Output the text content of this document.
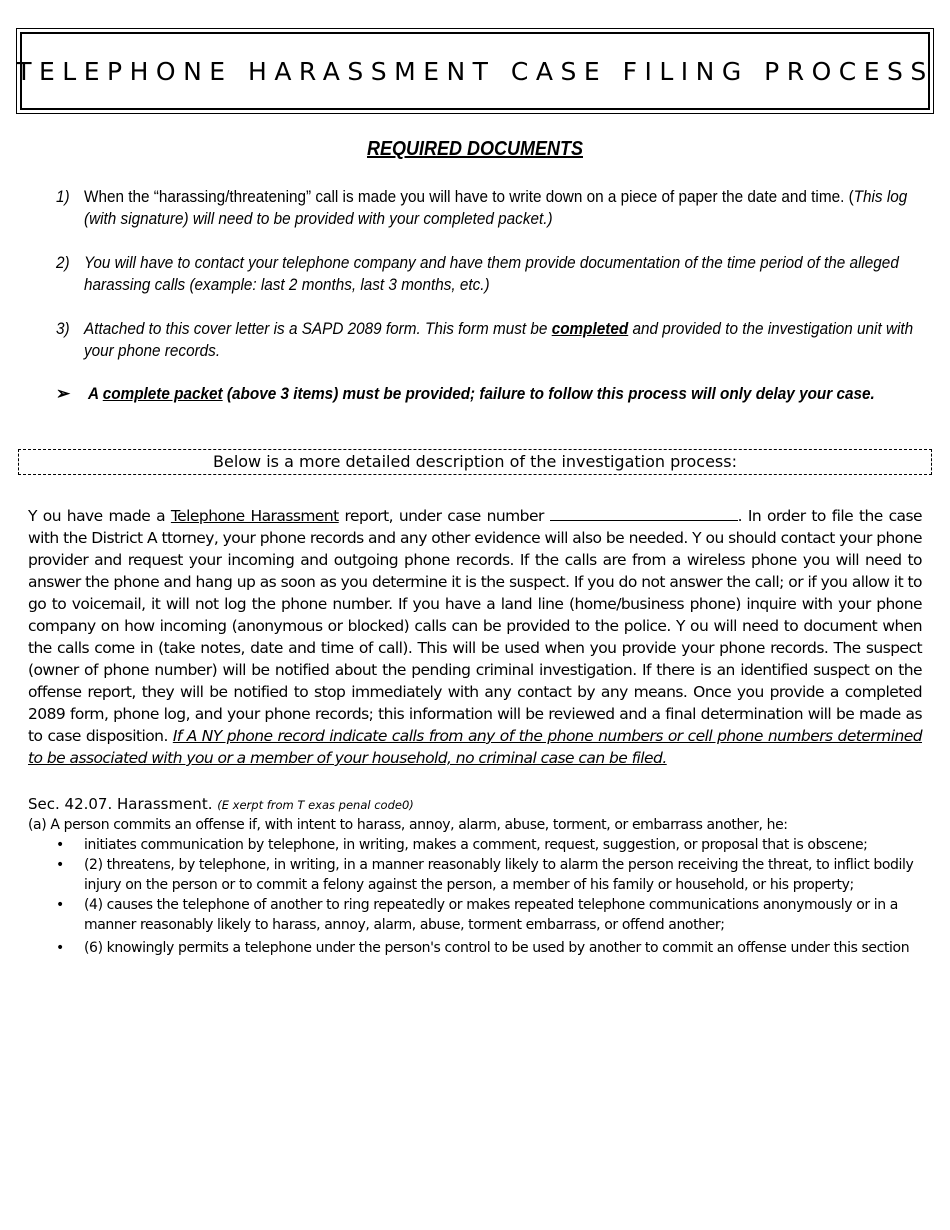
TELEPHONE HARASSMENT CASE FILING PROCESS
REQUIRED DOCUMENTS
1) When the “harassing/threatening” call is made you will have to write down on a piece of paper the date and time. (This log
(with signature) will need to be provided with your completed packet.)
2) You will have to contact your telephone company and have them provide documentation of the time period of the alleged
harassing calls (example: last 2 months, last 3 months, etc.)
3) Attached to this cover letter is a SAPD 2089 form. This form must be completed and provided to the investigation unit with
your phone records.
➢ A complete packet (above 3 items) must be provided; failure to follow this process will only delay your case.
Below is a more detailed description of the investigation process:
Y ou have made a Telephone Harassment report, under case number	. In order to file the case with the District A ttorney, your phone records and any other evidence will also be needed. Y ou should contact your phone provider and request your incoming and outgoing phone records. If the calls are from a wireless phone you will need to answer the phone and hang up as soon as you determine it is the suspect. If you do not answer the call; or if you allow it to go to voicemail, it will not log the phone number. If you have a land line (home/business phone) inquire with your phone company on how incoming (anonymous or blocked) calls can be provided to the police. Y ou will need to document when the calls come in (take notes, date and time of call). This will be used when you provide your phone records. The suspect (owner of phone number) will be notified about the pending criminal investigation. If there is an identified suspect on the offense report, they will be notified to stop immediately with any contact by any means. Once you provide a completed 2089 form, phone log, and your phone records; this information will be reviewed and a final determination will be made as to case disposition. If A NY phone record indicate calls from any of the phone numbers or cell phone numbers determined to be associated with you or a member of your household, no criminal case can be filed.
Sec. 42.07. Harassment. (E xerpt from T exas penal code0)
(a) A person commits an offense if, with intent to harass, annoy, alarm, abuse, torment, or embarrass another, he:
• initiates communication by telephone, in writing, makes a comment, request, suggestion, or proposal that is obscene;
• (2) threatens, by telephone, in writing, in a manner reasonably likely to alarm the person receiving the threat, to inflict bodily injury on the person or to commit a felony against the person, a member of his family or household, or his property;
• (4) causes the telephone of another to ring repeatedly or makes repeated telephone communications anonymously or in a manner reasonably likely to harass, annoy, alarm, abuse, torment embarrass, or offend another;
• (6) knowingly permits a telephone under the person's control to be used by another to commit an offense under this section
